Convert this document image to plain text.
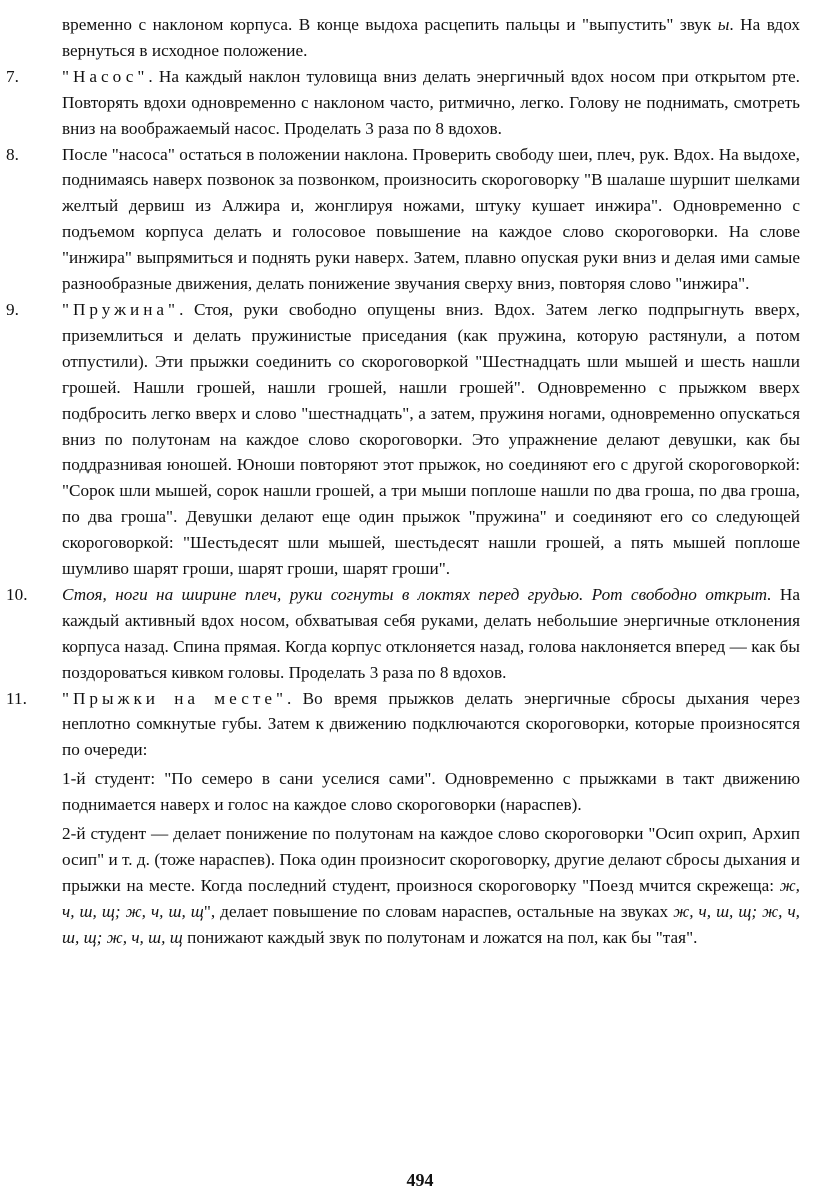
временно с наклоном корпуса. В конце выдоха расцепить пальцы и "выпустить" звук ы. На вдох вернуться в исходное положение.

7.	"Насос". На каждый наклон туловища вниз делать энергичный вдох носом при открытом рте. Повторять вдохи одновременно с наклоном часто, ритмично, легко. Голову не поднимать, смотреть вниз на воображаемый насос. Проделать 3 раза по 8 вдохов.

8.	После "насоса" остаться в положении наклона. Проверить свободу шеи, плеч, рук. Вдох. На выдохе, поднимаясь наверх позвонок за позвонком, произносить скороговорку "В шалаше шуршит шелками желтый дервиш из Алжира и, жонглируя ножами, штуку кушает инжира". Одновременно с подъемом корпуса делать и голосовое повышение на каждое слово скороговорки. На слове "инжира" выпрямиться и поднять руки наверх. Затем, плавно опуская руки вниз и делая ими самые разнообразные движения, делать понижение звучания сверху вниз, повторяя слово "инжира".

9.	"Пружина". Стоя, руки свободно опущены вниз. Вдох. Затем легко подпрыгнуть вверх, приземлиться и делать пружинистые приседания (как пружина, которую растянули, а потом отпустили). Эти прыжки соединить со скороговоркой "Шестнадцать шли мышей и шесть нашли грошей. Нашли грошей, нашли грошей, нашли грошей". Одновременно с прыжком вверх подбросить легко вверх и слово "шестнадцать", а затем, пружиня ногами, одновременно опускаться вниз по полутонам на каждое слово скороговорки. Это упражнение делают девушки, как бы поддразнивая юношей. Юноши повторяют этот прыжок, но соединяют его с другой скороговоркой: "Сорок шли мышей, сорок нашли грошей, а три мыши поплоше нашли по два гроша, по два гроша, по два гроша". Девушки делают еще один прыжок "пружина" и соединяют его со следующей скороговоркой: "Шестьдесят шли мышей, шестьдесят нашли грошей, а пять мышей поплоше шумливо шарят гроши, шарят гроши, шарят гроши".

10. Стоя, ноги на ширине плеч, руки согнуты в локтях перед грудью. Рот свободно открыт. На каждый активный вдох носом, обхватывая себя руками, делать небольшие энергичные отклонения корпуса назад. Спина прямая. Когда корпус отклоняется назад, голова наклоняется вперед — как бы поздороваться кивком головы. Проделать 3 раза по 8 вдохов.

11. "Прыжки на месте". Во время прыжков делать энергичные сбросы дыхания через неплотно сомкнутые губы. Затем к движению подключаются скороговорки, которые произносятся по очереди:

1-й студент: "По семеро в сани уселися сами". Одновременно с прыжками в такт движению поднимается наверх и голос на каждое слово скороговорки (нараспев).

2-й студент — делает понижение по полутонам на каждое слово скороговорки "Осип охрип, Архип осип" и т. д. (тоже нараспев). Пока один произносит скороговорку, другие делают сбросы дыхания и прыжки на месте. Когда последний студент, произнося скороговорку "Поезд мчится скрежеща: ж, ч, ш, щ; ж, ч, ш, щ", делает повышение по словам нараспев, остальные на звуках ж, ч, ш, щ; ж, ч, ш, щ; ж, ч, ш, щ понижают каждый звук по полутонам и ложатся на пол, как бы "тая".

494
